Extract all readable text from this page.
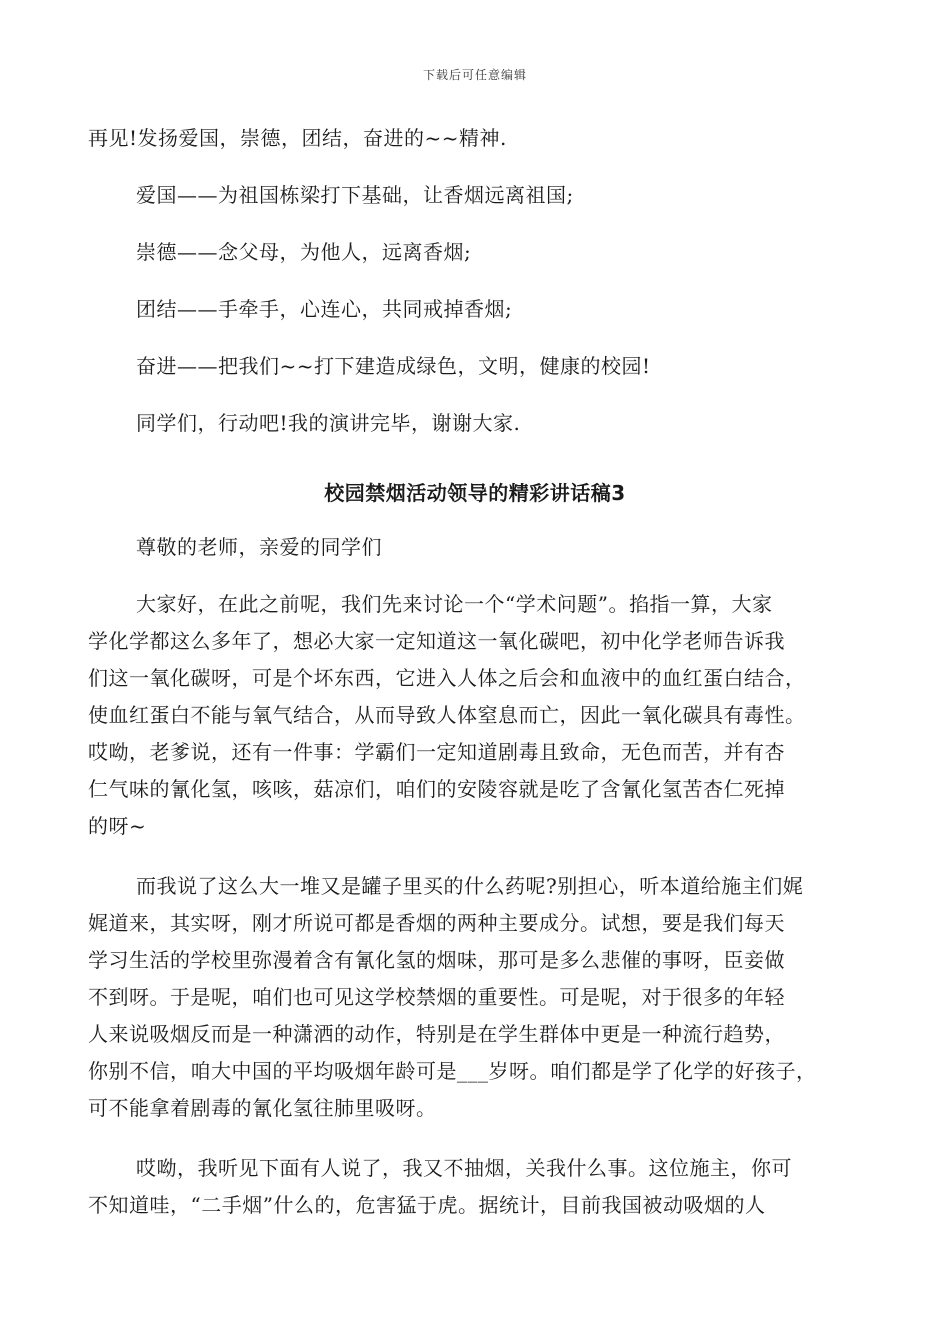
下载后可任意编辑
再见!发扬爱国，崇德，团结，奋进的~~精神.
爱国——为祖国栋梁打下基础，让香烟远离祖国;
崇德——念父母，为他人，远离香烟;
团结——手牵手，心连心，共同戒掉香烟;
奋进——把我们~~打下建造成绿色，文明，健康的校园!
同学们，行动吧!我的演讲完毕，谢谢大家.
校园禁烟活动领导的精彩讲话稿3
尊敬的老师，亲爱的同学们
大家好，在此之前呢，我们先来讨论一个“学术问题”。掐指一算，大家
学化学都这么多年了，想必大家一定知道这一氧化碳吧，初中化学老师告诉我
们这一氧化碳呀，可是个坏东西，它进入人体之后会和血液中的血红蛋白结合，
使血红蛋白不能与氧气结合，从而导致人体窒息而亡，因此一氧化碳具有毒性。
哎呦，老爹说，还有一件事：学霸们一定知道剧毒且致命，无色而苦，并有杏
仁气味的氰化氢，咳咳，菇凉们，咱们的安陵容就是吃了含氰化氢苦杏仁死掉
的呀~
而我说了这么大一堆又是罐子里买的什么药呢?别担心，听本道给施主们娓
娓道来，其实呀，刚才所说可都是香烟的两种主要成分。试想，要是我们每天
学习生活的学校里弥漫着含有氰化氢的烟味，那可是多么悲催的事呀，臣妾做
不到呀。于是呢，咱们也可见这学校禁烟的重要性。可是呢，对于很多的年轻
人来说吸烟反而是一种潇洒的动作，特别是在学生群体中更是一种流行趋势，
你别不信，咱大中国的平均吸烟年龄可是___岁呀。咱们都是学了化学的好孩子，
可不能拿着剧毒的氰化氢往肺里吸呀。
哎呦，我听见下面有人说了，我又不抽烟，关我什么事。这位施主，你可
不知道哇，“二手烟”什么的，危害猛于虎。据统计，目前我国被动吸烟的人
